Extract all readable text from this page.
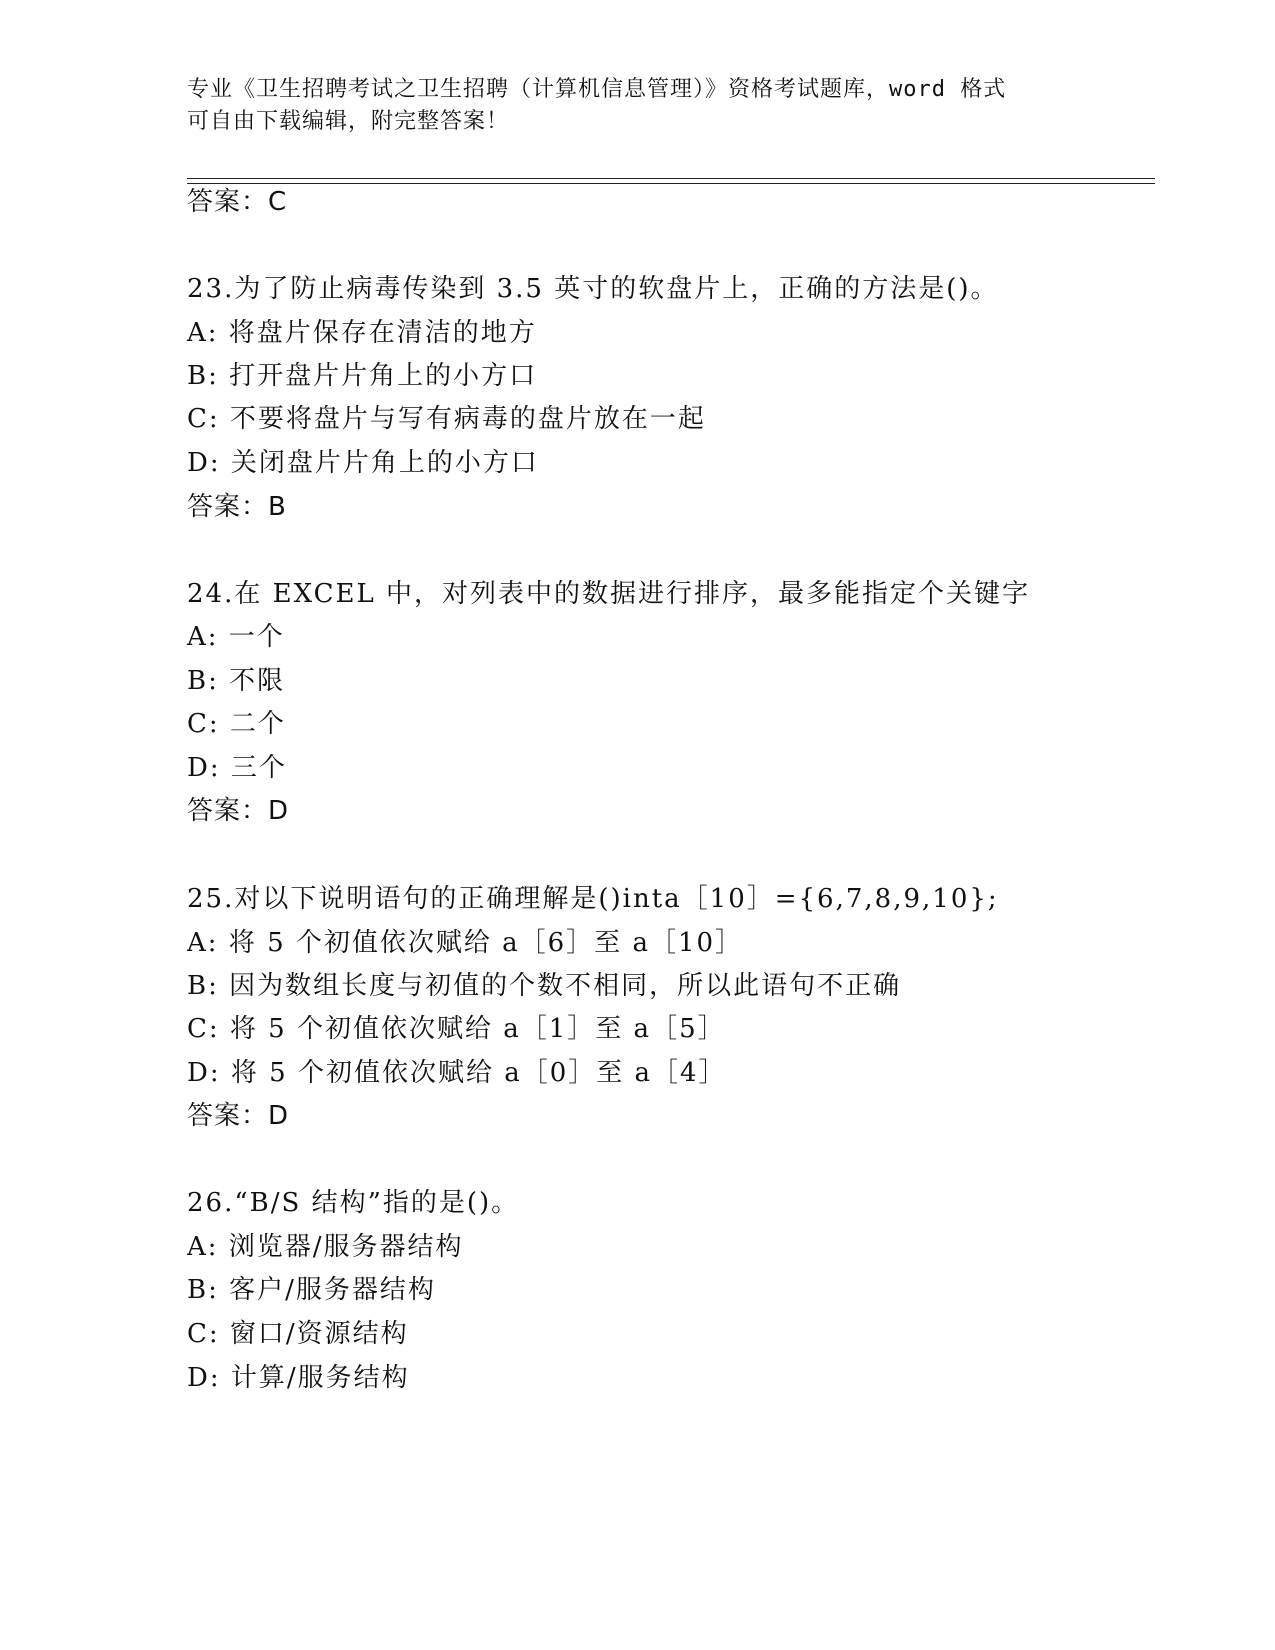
专业《卫生招聘考试之卫生招聘（计算机信息管理）》资格考试题库，word 格式
可自由下载编辑，附完整答案！
答案：C
23.为了防止病毒传染到 3.5 英寸的软盘片上，正确的方法是()。
A: 将盘片保存在清洁的地方
B: 打开盘片片角上的小方口
C: 不要将盘片与写有病毒的盘片放在一起
D: 关闭盘片片角上的小方口
答案：B
24.在 EXCEL 中，对列表中的数据进行排序，最多能指定个关键字
A: 一个
B: 不限
C: 二个
D: 三个
答案：D
25.对以下说明语句的正确理解是()inta［10］={6,7,8,9,10};
A: 将 5 个初值依次赋给 a［6］至 a［10］
B: 因为数组长度与初值的个数不相同，所以此语句不正确
C: 将 5 个初值依次赋给 a［1］至 a［5］
D: 将 5 个初值依次赋给 a［0］至 a［4］
答案：D
26.“B/S 结构”指的是()。
A: 浏览器/服务器结构
B: 客户/服务器结构
C: 窗口/资源结构
D: 计算/服务结构
